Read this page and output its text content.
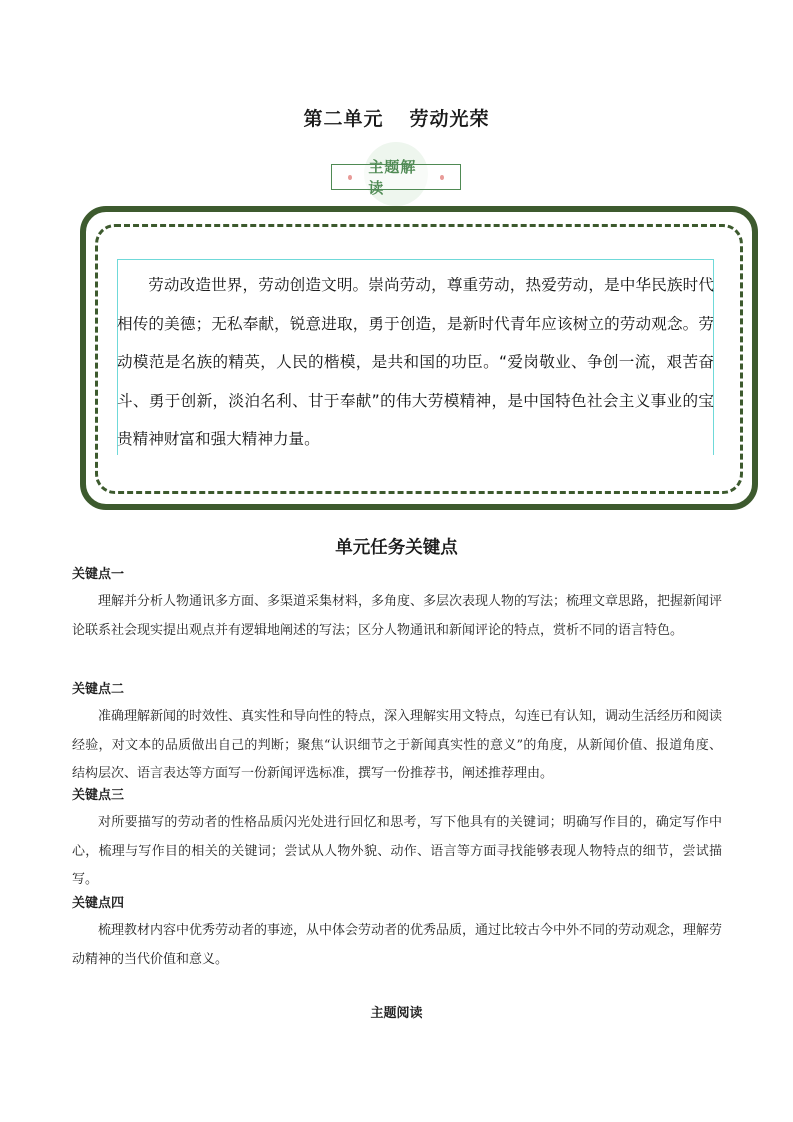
第二单元 劳动光荣
主题解读

劳动改造世界，劳动创造文明。崇尚劳动，尊重劳动，热爱劳动，是中华民族时代相传的美德；无私奉献，锐意进取，勇于创造，是新时代青年应该树立的劳动观念。劳动模范是名族的精英，人民的楷模，是共和国的功臣。“爱岗敬业、争创一流，艰苦奋斗、勇于创新，淡泊名利、甘于奉献”的伟大劳模精神，是中国特色社会主义事业的宝贵精神财富和强大精神力量。

单元任务关键点

关键点一

理解并分析人物通讯多方面、多渠道采集材料，多角度、多层次表现人物的写法；梳理文章思路，把握新闻评论联系社会现实提出观点并有逻辑地阐述的写法；区分人物通讯和新闻评论的特点，赏析不同的语言特色。

关键点二

准确理解新闻的时效性、真实性和导向性的特点，深入理解实用文特点，勾连已有认知，调动生活经历和阅读经验，对文本的品质做出自己的判断；聚焦“认识细节之于新闻真实性的意义”的角度，从新闻价值、报道角度、结构层次、语言表达等方面写一份新闻评选标准，撰写一份推荐书，阐述推荐理由。

关键点三

对所要描写的劳动者的性格品质闪光处进行回忆和思考，写下他具有的关键词；明确写作目的，确定写作中心，梳理与写作目的相关的关键词；尝试从人物外貌、动作、语言等方面寻找能够表现人物特点的细节，尝试描写。

关键点四

梳理教材内容中优秀劳动者的事迹，从中体会劳动者的优秀品质，通过比较古今中外不同的劳动观念，理解劳动精神的当代价值和意义。

主题阅读
